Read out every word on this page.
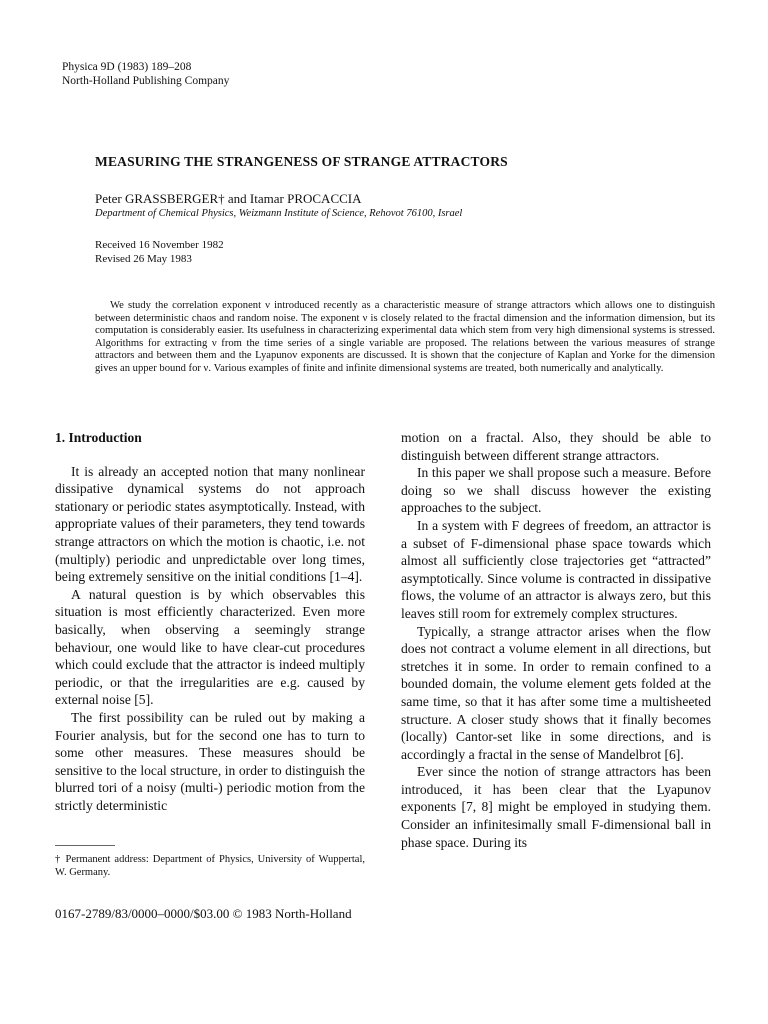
Physica 9D (1983) 189–208
North-Holland Publishing Company
MEASURING THE STRANGENESS OF STRANGE ATTRACTORS
Peter GRASSBERGER† and Itamar PROCACCIA
Department of Chemical Physics, Weizmann Institute of Science, Rehovot 76100, Israel
Received 16 November 1982
Revised 26 May 1983
We study the correlation exponent ν introduced recently as a characteristic measure of strange attractors which allows one to distinguish between deterministic chaos and random noise. The exponent ν is closely related to the fractal dimension and the information dimension, but its computation is considerably easier. Its usefulness in characterizing experimental data which stem from very high dimensional systems is stressed. Algorithms for extracting ν from the time series of a single variable are proposed. The relations between the various measures of strange attractors and between them and the Lyapunov exponents are discussed. It is shown that the conjecture of Kaplan and Yorke for the dimension gives an upper bound for ν. Various examples of finite and infinite dimensional systems are treated, both numerically and analytically.
1. Introduction

It is already an accepted notion that many nonlinear dissipative dynamical systems do not approach stationary or periodic states asymptotically. Instead, with appropriate values of their parameters, they tend towards strange attractors on which the motion is chaotic, i.e. not (multiply) periodic and unpredictable over long times, being extremely sensitive on the initial conditions [1–4].

A natural question is by which observables this situation is most efficiently characterized. Even more basically, when observing a seemingly strange behaviour, one would like to have clear-cut procedures which could exclude that the attractor is indeed multiply periodic, or that the irregularities are e.g. caused by external noise [5].

The first possibility can be ruled out by making a Fourier analysis, but for the second one has to turn to some other measures. These measures should be sensitive to the local structure, in order to distinguish the blurred tori of a noisy (multi-) periodic motion from the strictly deterministic

motion on a fractal. Also, they should be able to distinguish between different strange attractors.

In this paper we shall propose such a measure. Before doing so we shall discuss however the existing approaches to the subject.

In a system with F degrees of freedom, an attractor is a subset of F-dimensional phase space towards which almost all sufficiently close trajectories get “attracted” asymptotically. Since volume is contracted in dissipative flows, the volume of an attractor is always zero, but this leaves still room for extremely complex structures.

Typically, a strange attractor arises when the flow does not contract a volume element in all directions, but stretches it in some. In order to remain confined to a bounded domain, the volume element gets folded at the same time, so that it has after some time a multisheeted structure. A closer study shows that it finally becomes (locally) Cantor-set like in some directions, and is accordingly a fractal in the sense of Mandelbrot [6].

Ever since the notion of strange attractors has been introduced, it has been clear that the Lyapunov exponents [7, 8] might be employed in studying them. Consider an infinitesimally small F-dimensional ball in phase space. During its

† Permanent address: Department of Physics, University of Wuppertal, W. Germany.
0167-2789/83/0000–0000/$03.00 © 1983 North-Holland
